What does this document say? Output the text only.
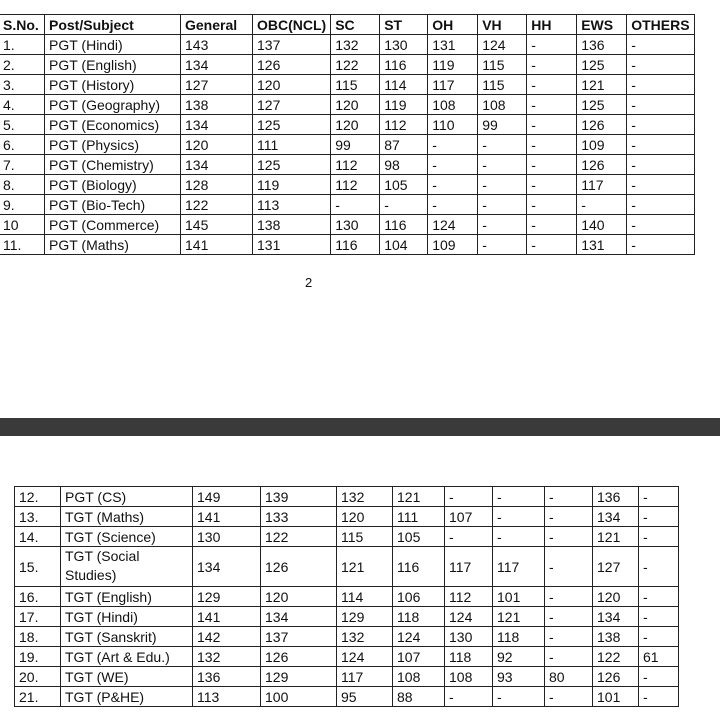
S.No.	Post/Subject	General	OBC(NCL)	SC	ST	OH	VH	HH	EWS	OTHERS
1.	PGT (Hindi)	143	137	132	130	131	124	-	136	-
2.	PGT (English)	134	126	122	116	119	115	-	125	-
3.	PGT (History)	127	120	115	114	117	115	-	121	-
4.	PGT (Geography)	138	127	120	119	108	108	-	125	-
5.	PGT (Economics)	134	125	120	112	110	99	-	126	-
6.	PGT (Physics)	120	111	99	87	-	-	-	109	-
7.	PGT (Chemistry)	134	125	112	98	-	-	-	126	-
8.	PGT (Biology)	128	119	112	105	-	-	-	117	-
9.	PGT (Bio-Tech)	122	113	-	-	-	-	-	-	-
10	PGT (Commerce)	145	138	130	116	124	-	-	140	-
11.	PGT (Maths)	141	131	116	104	109	-	-	131	-
2
12.	PGT (CS)	149	139	132	121	-	-	-	136	-
13.	TGT (Maths)	141	133	120	111	107	-	-	134	-
14.	TGT (Science)	130	122	115	105	-	-	-	121	-
15.	TGT (Social Studies)	134	126	121	116	117	117	-	127	-
16.	TGT (English)	129	120	114	106	112	101	-	120	-
17.	TGT (Hindi)	141	134	129	118	124	121	-	134	-
18.	TGT (Sanskrit)	142	137	132	124	130	118	-	138	-
19.	TGT (Art & Edu.)	132	126	124	107	118	92	-	122	61
20.	TGT (WE)	136	129	117	108	108	93	80	126	-
21.	TGT (P&HE)	113	100	95	88	-	-	-	101	-
